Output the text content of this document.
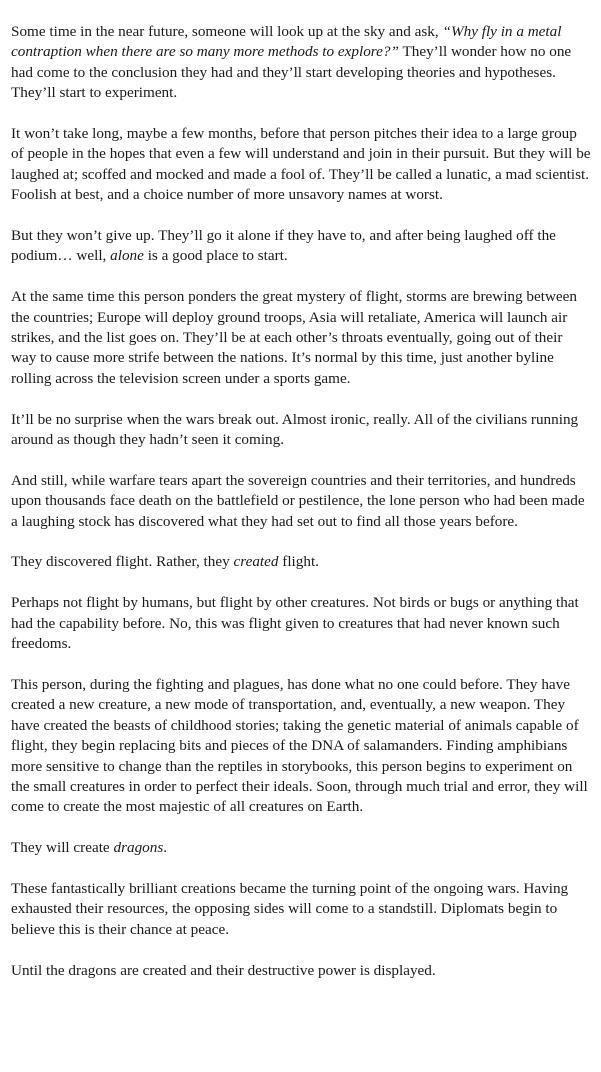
Some time in the near future, someone will look up at the sky and ask, “Why fly in a metal contraption when there are so many more methods to explore?” They’ll wonder how no one had come to the conclusion they had and they’ll start developing theories and hypotheses. They’ll start to experiment.

It won’t take long, maybe a few months, before that person pitches their idea to a large group of people in the hopes that even a few will understand and join in their pursuit. But they will be laughed at; scoffed and mocked and made a fool of. They’ll be called a lunatic, a mad scientist. Foolish at best, and a choice number of more unsavory names at worst.

But they won’t give up. They’ll go it alone if they have to, and after being laughed off the podium… well, alone is a good place to start.

At the same time this person ponders the great mystery of flight, storms are brewing between the countries; Europe will deploy ground troops, Asia will retaliate, America will launch air strikes, and the list goes on. They’ll be at each other’s throats eventually, going out of their way to cause more strife between the nations. It’s normal by this time, just another byline rolling across the television screen under a sports game.

It’ll be no surprise when the wars break out. Almost ironic, really. All of the civilians running around as though they hadn’t seen it coming.

And still, while warfare tears apart the sovereign countries and their territories, and hundreds upon thousands face death on the battlefield or pestilence, the lone person who had been made a laughing stock has discovered what they had set out to find all those years before.

They discovered flight. Rather, they created flight.

Perhaps not flight by humans, but flight by other creatures. Not birds or bugs or anything that had the capability before. No, this was flight given to creatures that had never known such freedoms.

This person, during the fighting and plagues, has done what no one could before. They have created a new creature, a new mode of transportation, and, eventually, a new weapon. They have created the beasts of childhood stories; taking the genetic material of animals capable of flight, they begin replacing bits and pieces of the DNA of salamanders. Finding amphibians more sensitive to change than the reptiles in storybooks, this person begins to experiment on the small creatures in order to perfect their ideals. Soon, through much trial and error, they will come to create the most majestic of all creatures on Earth.

They will create dragons.

These fantastically brilliant creations became the turning point of the ongoing wars. Having exhausted their resources, the opposing sides will come to a standstill. Diplomats begin to believe this is their chance at peace.

Until the dragons are created and their destructive power is displayed.
